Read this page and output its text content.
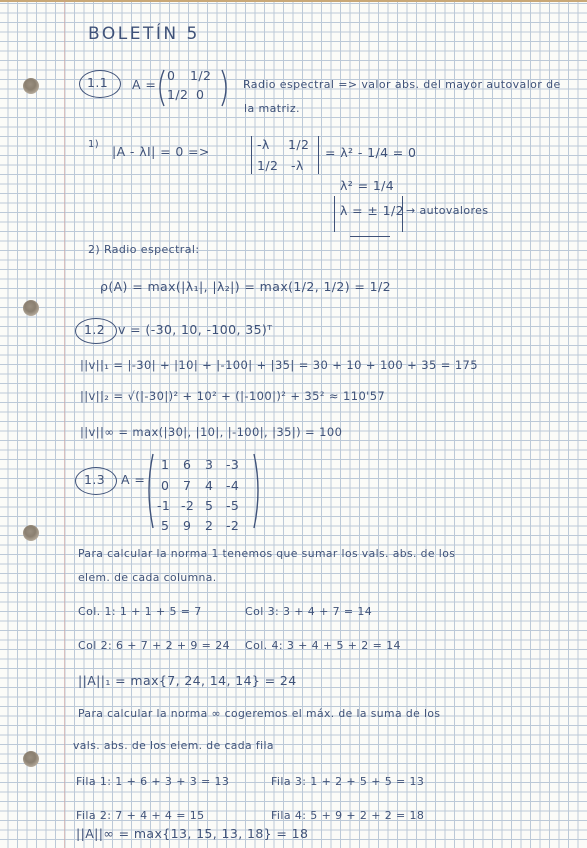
BOLETÍN 5
1.1 A =
0 1/2
1/2 0
Radio espectral => valor abs. del mayor autovalor de
la matriz.
1) |A - λI| = 0 =>	-λ 1/2
1/2 -λ
= λ² - 1/4 = 0
λ² = 1/4
λ = ± 1/2 → autovalores
2) Radio espectral:
ρ(A) = max(|λ₁|, |λ₂|) = max(1/2, 1/2) = 1/2
1.2 v = (-30, 10, -100, 35)ᵀ
||v||₁ = |-30| + |10| + |-100| + |35| = 30 + 10 + 100 + 35 = 175
||v||₂ = √(|-30|)² + 10² + (|-100|)² + 35² ≈ 110'57
||v||∞ = max(|30|, |10|, |-100|, |35|) = 100
1.3 A =
1 6 3 -3
0 7 4 -4
-1 -2 5 -5
5 9 2 -2
Para calcular la norma 1 tenemos que sumar los vals. abs. de los
elem. de cada columna.
Col. 1: 1 + 1 + 5 = 7	Col 3: 3 + 4 + 7 = 14
Col 2: 6 + 7 + 2 + 9 = 24 Col. 4: 3 + 4 + 5 + 2 = 14
||A||₁ = max{7, 24, 14, 14} = 24
Para calcular la norma ∞ cogeremos el máx. de la suma de los
vals. abs. de los elem. de cada fila
Fila 1: 1 + 6 + 3 + 3 = 13	Fila 3: 1 + 2 + 5 + 5 = 13
Fila 2: 7 + 4 + 4 = 15	Fila 4: 5 + 9 + 2 + 2 = 18
||A||∞ = max{13, 15, 13, 18} = 18
